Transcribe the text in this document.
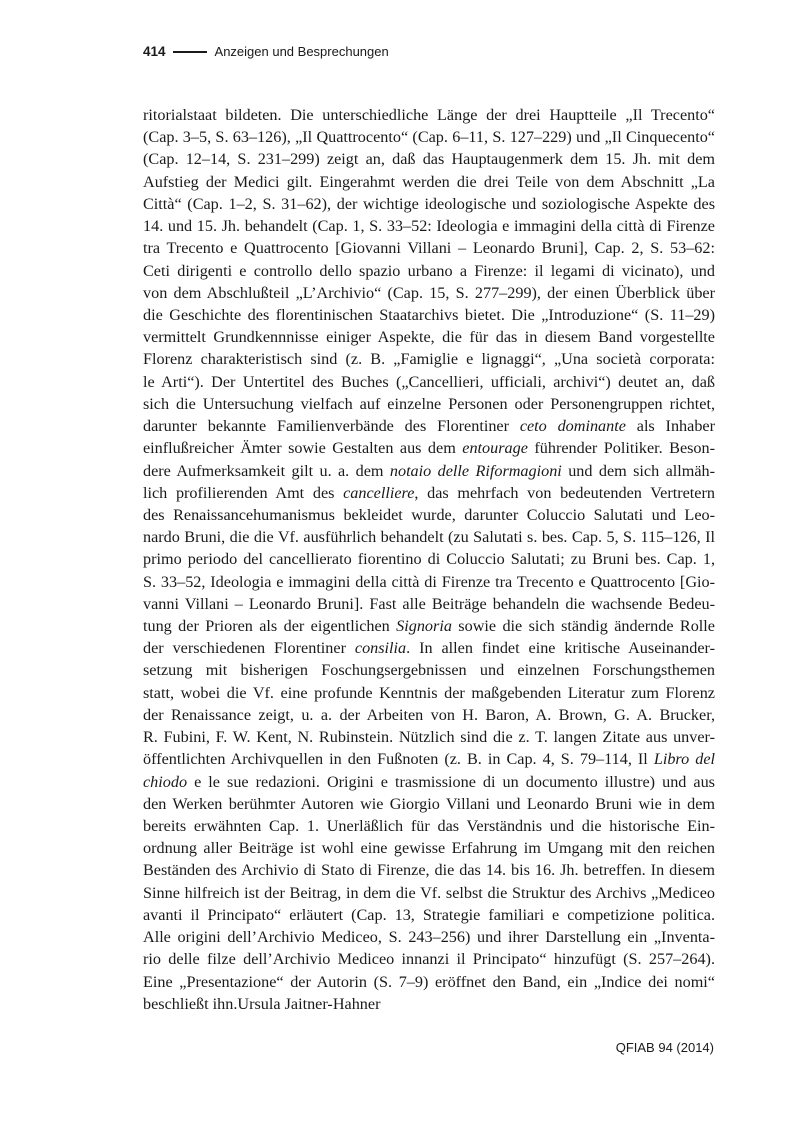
414	Anzeigen und Besprechungen
ritorialstaat bildeten. Die unterschiedliche Länge der drei Hauptteile „Il Trecento“
(Cap. 3–5, S. 63–126), „Il Quattrocento“ (Cap. 6–11, S. 127–229) und „Il Cinquecento“
(Cap. 12–14, S. 231–299) zeigt an, daß das Hauptaugenmerk dem 15. Jh. mit dem
Aufstieg der Medici gilt. Eingerahmt werden die drei Teile von dem Abschnitt „La
Città“ (Cap. 1–2, S. 31–62), der wichtige ideologische und soziologische Aspekte des
14. und 15. Jh. behandelt (Cap. 1, S. 33–52: Ideologia e immagini della città di Firenze
tra Trecento e Quattrocento [Giovanni Villani – Leonardo Bruni], Cap. 2, S. 53–62:
Ceti dirigenti e controllo dello spazio urbano a Firenze: il legami di vicinato), und
von dem Abschlußteil „L’Archivio“ (Cap. 15, S. 277–299), der einen Überblick über
die Geschichte des florentinischen Staatarchivs bietet. Die „Introduzione“ (S. 11–29)
vermittelt Grundkennnisse einiger Aspekte, die für das in diesem Band vorgestellte
Florenz charakteristisch sind (z. B. „Famiglie e lignaggi“, „Una società corporata:
le Arti“). Der Untertitel des Buches („Cancellieri, ufficiali, archivi“) deutet an, daß
sich die Untersuchung vielfach auf einzelne Personen oder Personengruppen richtet,
darunter bekannte Familienverbände des Florentiner ceto dominante als Inhaber
einflußreicher Ämter sowie Gestalten aus dem entourage führender Politiker. Beson-
dere Aufmerksamkeit gilt u. a. dem notaio delle Riformagioni und dem sich allmäh-
lich profilierenden Amt des cancelliere, das mehrfach von bedeutenden Vertretern
des Renaissancehumanismus bekleidet wurde, darunter Coluccio Salutati und Leo-
nardo Bruni, die die Vf. ausführlich behandelt (zu Salutati s. bes. Cap. 5, S. 115–126, Il
primo periodo del cancellierato fiorentino di Coluccio Salutati; zu Bruni bes. Cap. 1,
S. 33–52, Ideologia e immagini della città di Firenze tra Trecento e Quattrocento [Gio-
vanni Villani – Leonardo Bruni]. Fast alle Beiträge behandeln die wachsende Bedeu-
tung der Prioren als der eigentlichen Signoria sowie die sich ständig ändernde Rolle
der verschiedenen Florentiner consilia. In allen findet eine kritische Auseinander-
setzung mit bisherigen Foschungsergebnissen und einzelnen Forschungsthemen
statt, wobei die Vf. eine profunde Kenntnis der maßgebenden Literatur zum Florenz
der Renaissance zeigt, u. a. der Arbeiten von H. Baron, A. Brown, G. A. Brucker,
R. Fubini, F. W. Kent, N. Rubinstein. Nützlich sind die z. T. langen Zitate aus unver-
öffentlichten Archivquellen in den Fußnoten (z. B. in Cap. 4, S. 79–114, Il Libro del
chiodo e le sue redazioni. Origini e trasmissione di un documento illustre) und aus
den Werken berühmter Autoren wie Giorgio Villani und Leonardo Bruni wie in dem
bereits erwähnten Cap. 1. Unerläßlich für das Verständnis und die historische Ein-
ordnung aller Beiträge ist wohl eine gewisse Erfahrung im Umgang mit den reichen
Beständen des Archivio di Stato di Firenze, die das 14. bis 16. Jh. betreffen. In diesem
Sinne hilfreich ist der Beitrag, in dem die Vf. selbst die Struktur des Archivs „Mediceo
avanti il Principato“ erläutert (Cap. 13, Strategie familiari e competizione politica.
Alle origini dell’Archivio Mediceo, S. 243–256) und ihrer Darstellung ein „Inventa-
rio delle filze dell’Archivio Mediceo innanzi il Principato“ hinzufügt (S. 257–264).
Eine „Presentazione“ der Autorin (S. 7–9) eröffnet den Band, ein „Indice dei nomi“
beschließt ihn.Ursula Jaitner-Hahner
QFIAB 94 (2014)
